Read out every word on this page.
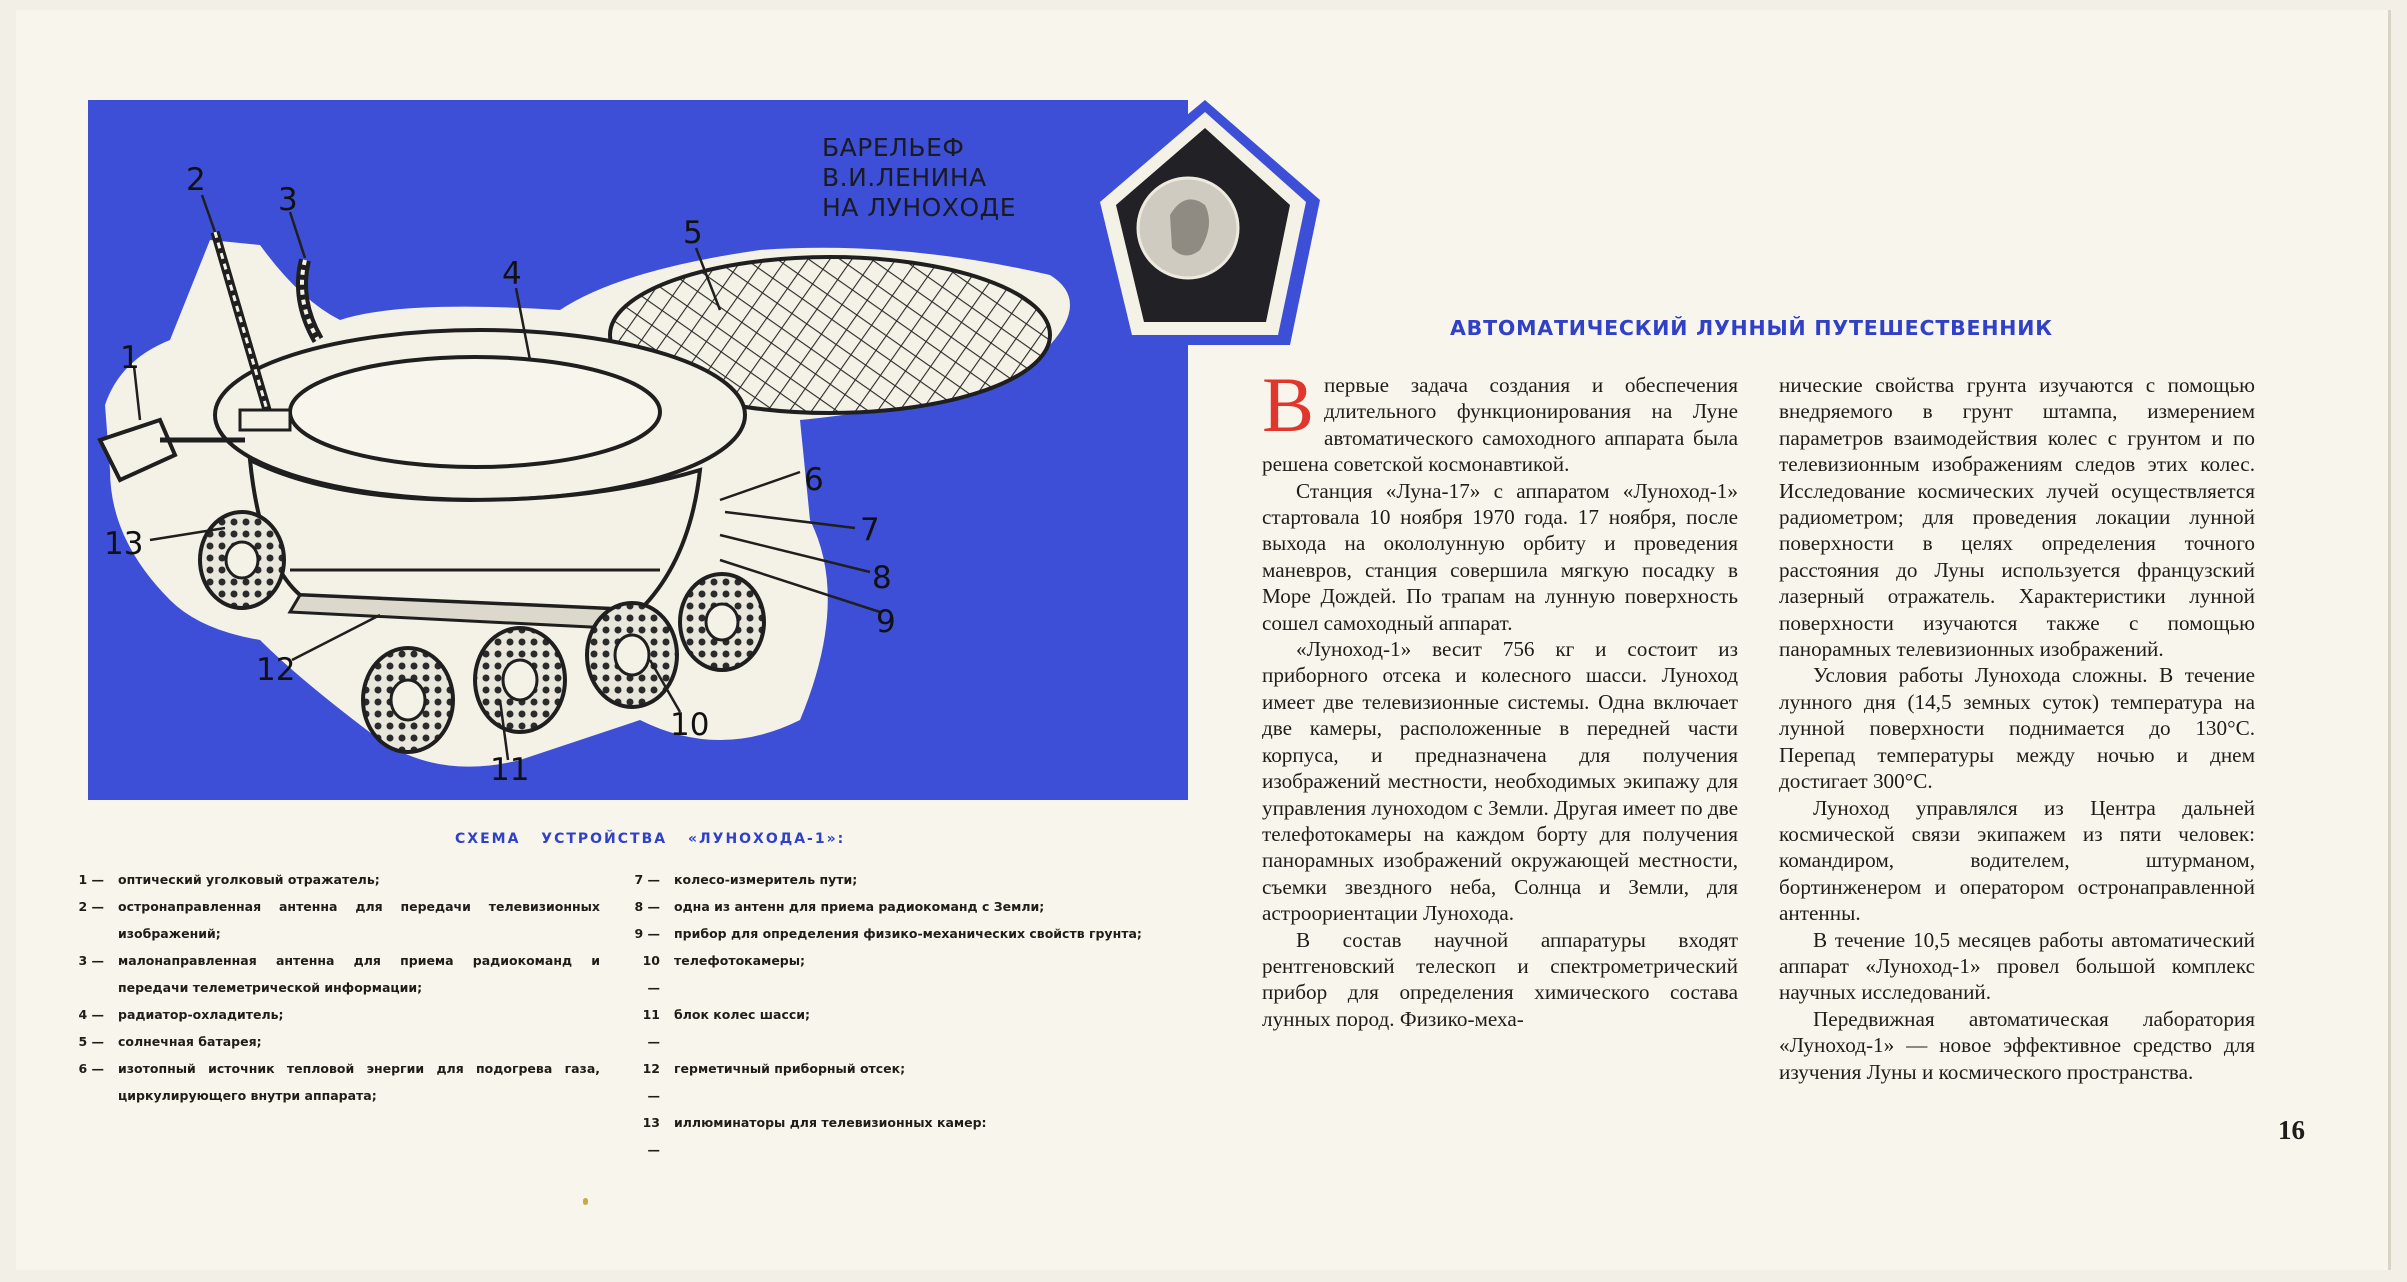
1
2
3
4
5
6
7
8
9
10
11
12
13
БАРЕЛЬЕФ В.И.ЛЕНИНА
НА ЛУНОХОДЕ
СХЕМА УСТРОЙСТВА «ЛУНОХОДА-1»:
1 — оптический уголковый отражатель;
2 — остронаправленная антенна для передачи телевизионных изображений;
3 — малонаправленная антенна для приема радиокоманд и передачи телеметрической информации;
4 — радиатор-охладитель;
5 — солнечная батарея;
6 — изотопный источник тепловой энергии для подогрева газа, циркулирующего внутри аппарата;
7 — колесо-измеритель пути;
8 — одна из антенн для приема радиокоманд с Земли;
9 — прибор для определения физико-механических свойств грунта;
10 —
телефотокамеры;
11 —
блок колес шасси;
12 —
герметичный приборный отсек;
13 —
иллюминаторы для телевизионных камер:
АВТОМАТИЧЕСКИЙ ЛУННЫЙ ПУТЕШЕСТВЕННИК

Впервые задача создания и обеспечения длительного функционирования на Луне автоматического самоходного аппарата была решена советской космонавтикой.

Станция «Луна-17» с аппаратом «Луноход-1» стартовала 10 ноября 1970 года. 17 ноября, после выхода на окололунную орбиту и проведения маневров, станция совершила мягкую посадку в Море Дождей. По трапам на лунную поверхность сошел самоходный аппарат.

«Луноход-1» весит 756 кг и состоит из приборного отсека и колесного шасси. Луноход имеет две телевизионные системы. Одна включает две камеры, расположенные в передней части корпуса, и предназначена для получения изображений местности, необходимых экипажу для управления луноходом с Земли. Другая имеет по две телефотокамеры на каждом борту для получения панорамных изображений окружающей местности, съемки звездного неба, Солнца и Земли, для астроориентации Лунохода.

В состав научной аппаратуры входят рентгеновский телескоп и спектрометрический прибор для определения химического состава лунных пород. Физико-меха-

нические свойства грунта изучаются с помощью внедряемого в грунт штампа, измерением параметров взаимодействия колес с грунтом и по телевизионным изображениям следов этих колес. Исследование космических лучей осуществляется радиометром; для проведения локации лунной поверхности в целях определения точного расстояния до Луны используется французский лазерный отражатель. Характеристики лунной поверхности изучаются также с помощью панорамных телевизионных изображений.

Условия работы Лунохода сложны. В течение лунного дня (14,5 земных суток) температура на лунной поверхности поднимается до 130°С. Перепад температуры между ночью и днем достигает 300°С.

Луноход управлялся из Центра дальней космической связи экипажем из пяти человек: командиром, водителем, штурманом, бортинженером и оператором остронаправленной антенны.

В течение 10,5 месяцев работы автоматический аппарат «Луноход-1» провел большой комплекс научных исследований.

Передвижная автоматическая лаборатория «Луноход-1» — новое эффективное средство для изучения Луны и космического пространства.

16
